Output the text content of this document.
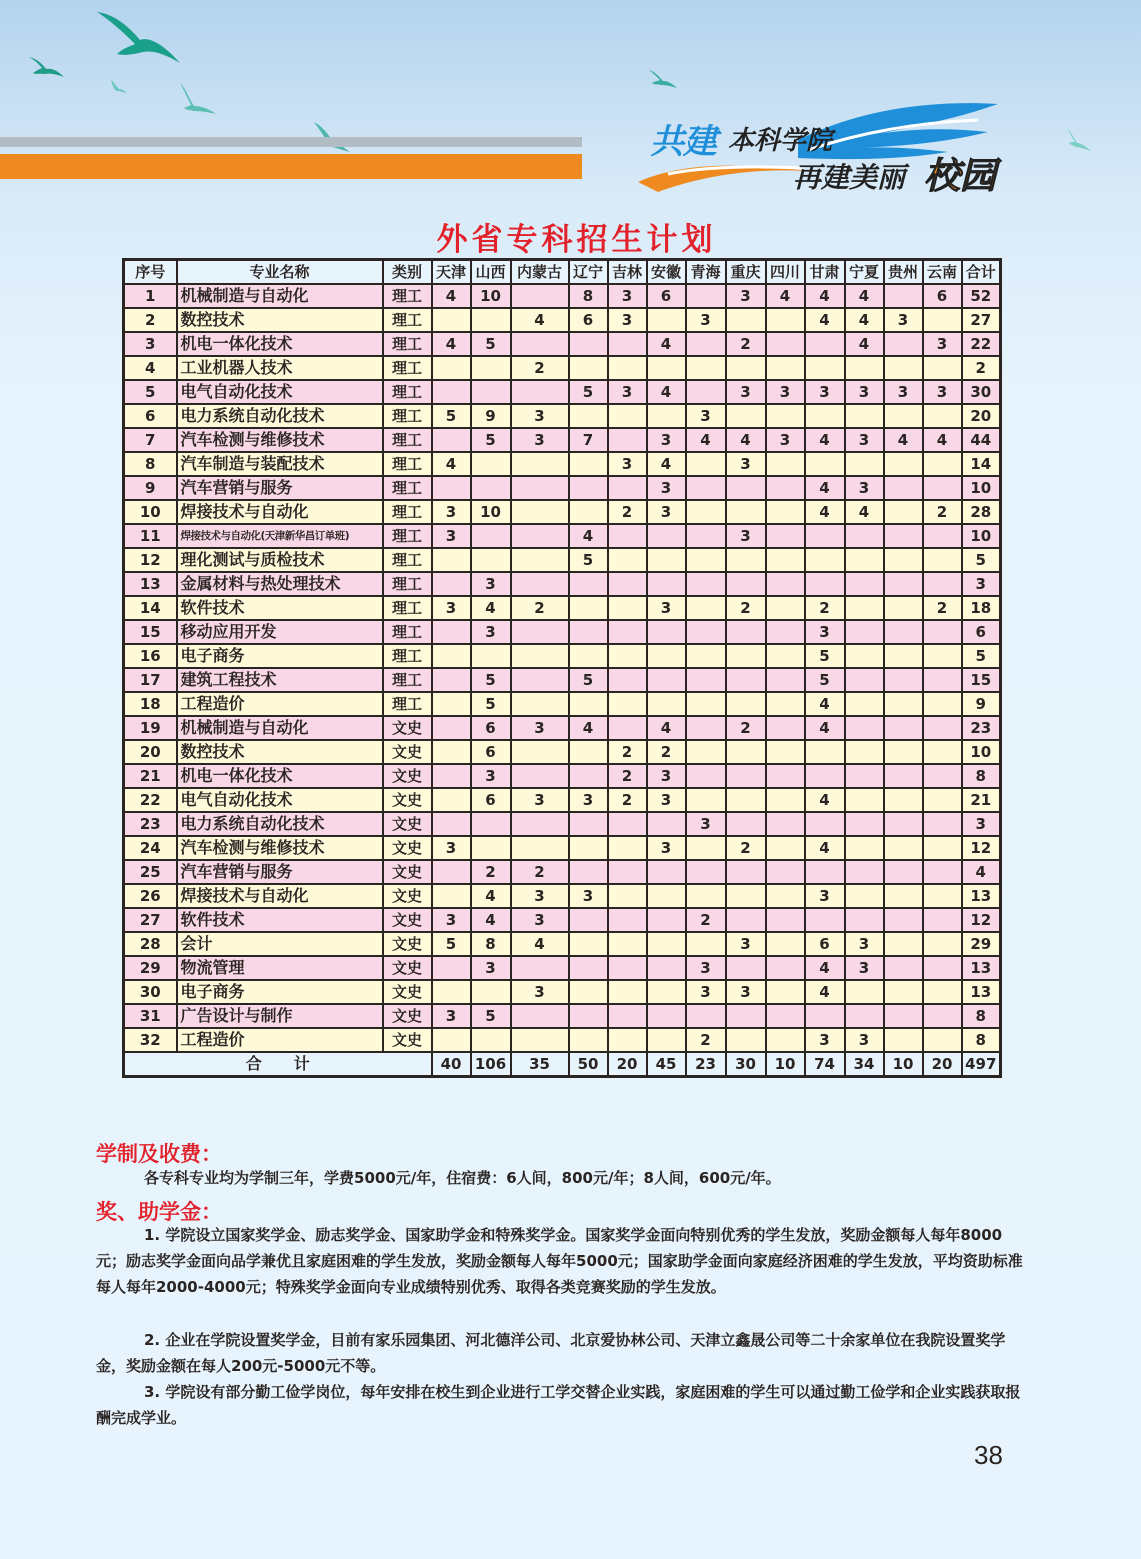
共建 本科学院
再建美丽 校园
外省专科招生计划
序号	专业名称	类别	天津	山西	内蒙古	辽宁	吉林	安徽	青海	重庆	四川	甘肃	宁夏	贵州	云南	合计
1	机械制造与自动化	理工	4	10		8	3	6		3	4	4	4		6	52
2	数控技术	理工			4	6	3		3			4	4	3		27
3	机电一体化技术	理工	4	5				4		2			4		3	22
4	工业机器人技术	理工			2											2
5	电气自动化技术	理工				5	3	4		3	3	3	3	3	3	30
6	电力系统自动化技术	理工	5	9	3				3							20
7	汽车检测与维修技术	理工		5	3	7		3	4	4	3	4	3	4	4	44
8	汽车制造与装配技术	理工	4				3	4		3						14
9	汽车营销与服务	理工						3				4	3			10
10	焊接技术与自动化	理工	3	10			2	3				4	4		2	28
11	焊接技术与自动化(天津新华昌订单班)	理工	3			4				3						10
12	理化测试与质检技术	理工				5										5
13	金属材料与热处理技术	理工		3												3
14	软件技术	理工	3	4	2			3		2		2			2	18
15	移动应用开发	理工		3								3				6
16	电子商务	理工										5				5
17	建筑工程技术	理工		5		5						5				15
18	工程造价	理工		5								4				9
19	机械制造与自动化	文史		6	3	4		4		2		4				23
20	数控技术	文史		6			2	2								10
21	机电一体化技术	文史		3			2	3								8
22	电气自动化技术	文史		6	3	3	2	3				4				21
23	电力系统自动化技术	文史							3							3
24	汽车检测与维修技术	文史	3					3		2		4				12
25	汽车营销与服务	文史		2	2											4
26	焊接技术与自动化	文史		4	3	3						3				13
27	软件技术	文史	3	4	3				2							12
28	会计	文史	5	8	4					3		6	3			29
29	物流管理	文史		3					3			4	3			13
30	电子商务	文史			3				3	3		4				13
31	广告设计与制作	文史	3	5												8
32	工程造价	文史							2			3	3			8
合　　计			40	106	35	50	20	45	23	30	10	74	34	10	20	497
学制及收费：
各专科专业均为学制三年，学费5000元/年，住宿费：6人间，800元/年；8人间，600元/年。
奖、助学金：
1. 学院设立国家奖学金、励志奖学金、国家助学金和特殊奖学金。国家奖学金面向特别优秀的学生发放，奖励金额每人每年8000元；励志奖学金面向品学兼优且家庭困难的学生发放，奖励金额每人每年5000元；国家助学金面向家庭经济困难的学生发放，平均资助标准每人每年2000-4000元；特殊奖学金面向专业成绩特别优秀、取得各类竞赛奖励的学生发放。
2. 企业在学院设置奖学金，目前有家乐园集团、河北德洋公司、北京爱协林公司、天津立鑫晟公司等二十余家单位在我院设置奖学金，奖励金额在每人200元-5000元不等。
3. 学院设有部分勤工俭学岗位，每年安排在校生到企业进行工学交替企业实践，家庭困难的学生可以通过勤工俭学和企业实践获取报酬完成学业。
38
